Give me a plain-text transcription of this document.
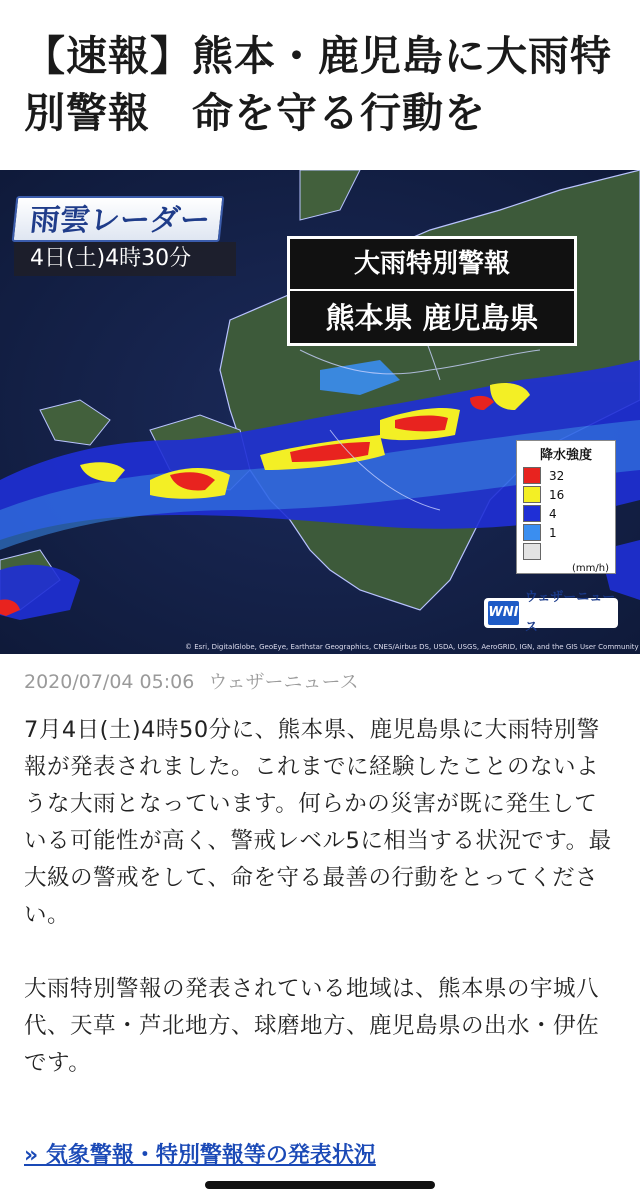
【速報】熊本・鹿児島に大雨特別警報　命を守る行動を
雨雲レーダー
4日(土)4時30分	大雨特別警報
熊本県 鹿児島県
降水強度
32
16
4
1
(mm/h)
WNI
ウェザーニュース
© Esri, DigitalGlobe, GeoEye, Earthstar Geographics, CNES/Airbus DS, USDA, USGS, AeroGRID, IGN, and the GIS User Community
2020/07/04 05:06 ウェザーニュース

7月4日(土)4時50分に、熊本県、鹿児島県に大雨特別警報が発表されました。これまでに経験したことのないような大雨となっています。何らかの災害が既に発生している可能性が高く、警戒レベル5に相当する状況です。最大級の警戒をして、命を守る最善の行動をとってください。

大雨特別警報の発表されている地域は、熊本県の宇城八代、天草・芦北地方、球磨地方、鹿児島県の出水・伊佐です。

» 気象警報・特別警報等の発表状況
